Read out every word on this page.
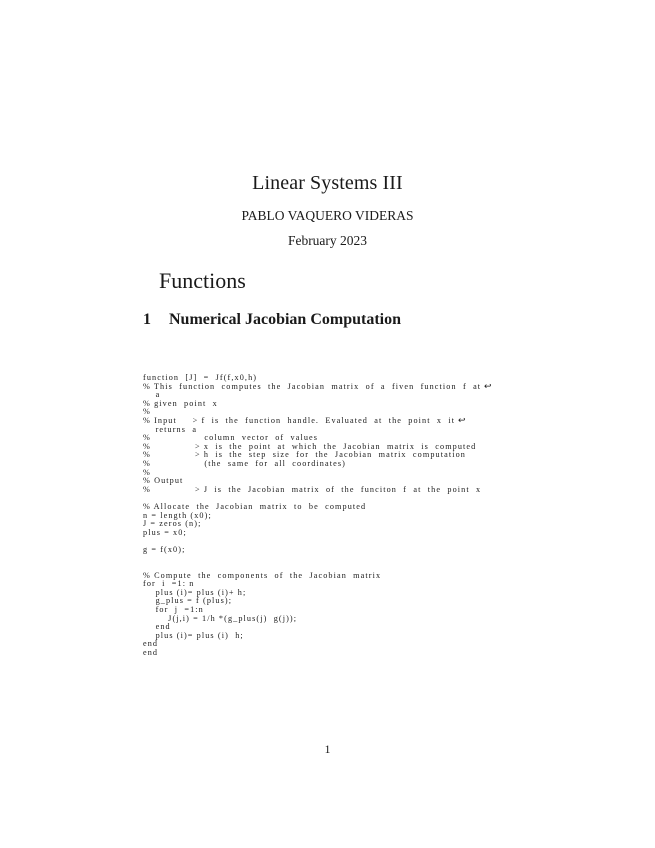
Linear Systems III
PABLO VAQUERO VIDERAS
February 2023
Functions
1 Numerical Jacobian Computation
function  [J]  =  Jf(f,x0,h)
% This  function  computes  the  Jacobian  matrix  of  a  fiven  function  f  at ↩
a
% given  point  x
%
% Input     > f  is  the  function  handle.  Evaluated  at  the  point  x  it ↩
returns  a
%                 column  vector  of  values
%              > x  is  the  point  at  which  the  Jacobian  matrix  is  computed
%              > h  is  the  step  size  for  the  Jacobian  matrix  computation
%                 (the  same  for  all  coordinates)
%
% Output
%              > J  is  the  Jacobian  matrix  of  the  funciton  f  at  the  point  x
% Allocate  the  Jacobian  matrix  to  be  computed
n = length (x0);
J = zeros (n);
plus = x0;
g = f(x0);
% Compute  the  components  of  the  Jacobian  matrix
for  i  =1: n
plus (i)= plus (i)+ h;
g_plus = f (plus);
for  j  =1:n
J(j,i) = 1/h *(g_plus(j)  g(j));
end
plus (i)= plus (i)  h;
end
end
1
